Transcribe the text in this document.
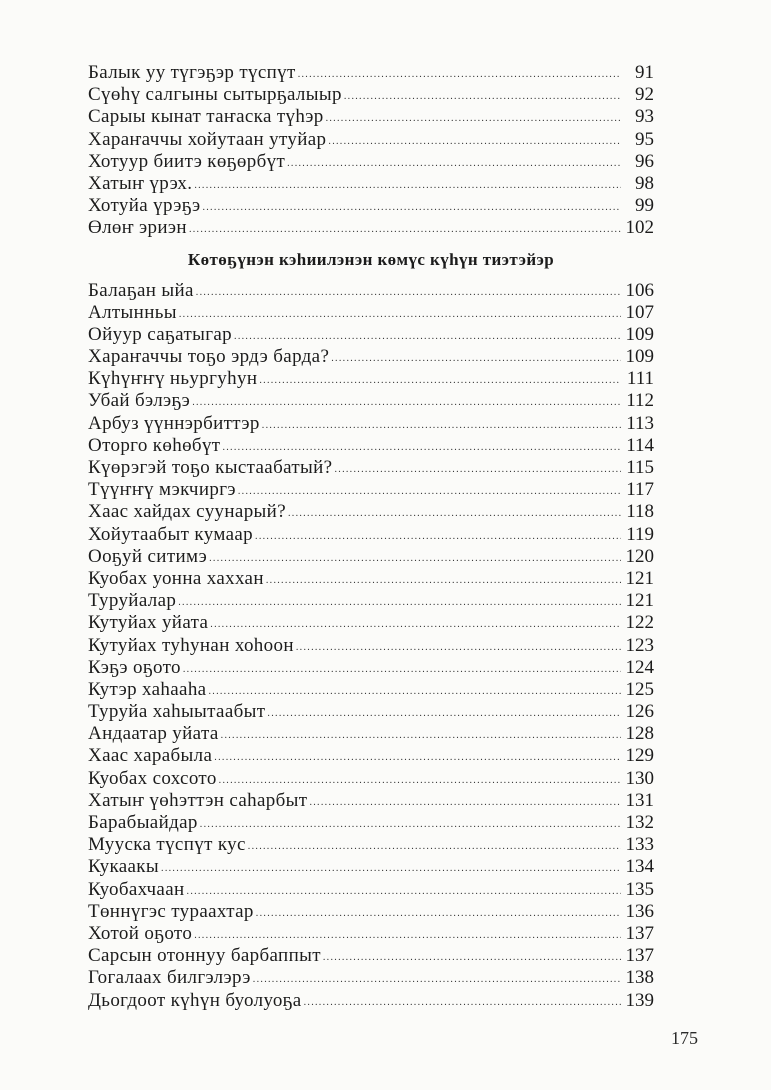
Балык уу түгэҕэр түспүт . . .	91
Сүөһү салгыны сытырҕалыыр . . .	92
Сарыы кынат таҥаска түһэр . . .	93
Хараҥаччы хойутаан утуйар . . .	95
Хотуур биитэ көҕөрбүт . . .	96
Хатыҥ үрэх. . . .	98
Хотуйа үрэҕэ . . .	99
Өлөҥ эриэн . . .	102
Көтөҕүнэн кэһиилэнэн көмүс күһүн тиэтэйэр
Балаҕан ыйа . . .	106
Алтынньы . . .	107
Ойуур саҕатыгар . . .	109
Хараҥаччы тоҕо эрдэ барда? . . .	109
Күһүҥҥү ньургуһун . . .	111
Убай бэлэҕэ . . .	112
Арбуз үүннэрбиттэр . . .	113
Оторго көһөбүт . . .	114
Күөрэгэй тоҕо кыстаабатый? . . .	115
Түүҥҥү мэкчиргэ . . .	117
Хаас хайдах суунарый? . . .	118
Хойутаабыт кумаар . . .	119
Ооҕуй ситимэ . . .	120
Куобах уонна хаххан . . .	121
Туруйалар . . .	121
Кутуйах уйата . . .	122
Кутуйах туһунан хоһоон . . .	123
Кэҕэ оҕото . . .	124
Кутэр хаһааһа . . .	125
Туруйа хаһыытаабыт . . .	126
Андаатар уйата . . .	128
Хаас харабыла . . .	129
Куобах сохсото . . .	130
Хатыҥ үөһэттэн саһарбыт . . .	131
Барабыайдар . . .	132
Мууска түспүт кус . . .	133
Кукаакы . . .	134
Куобахчаан . . .	135
Төннүгэс тураахтар . . .	136
Хотой оҕото . . .	137
Сарсын отоннуу барбаппыт . . .	137
Гогалаах билгэлэрэ . . .	138
Дьогдоот күһүн буолуоҕа . . .	139
175
